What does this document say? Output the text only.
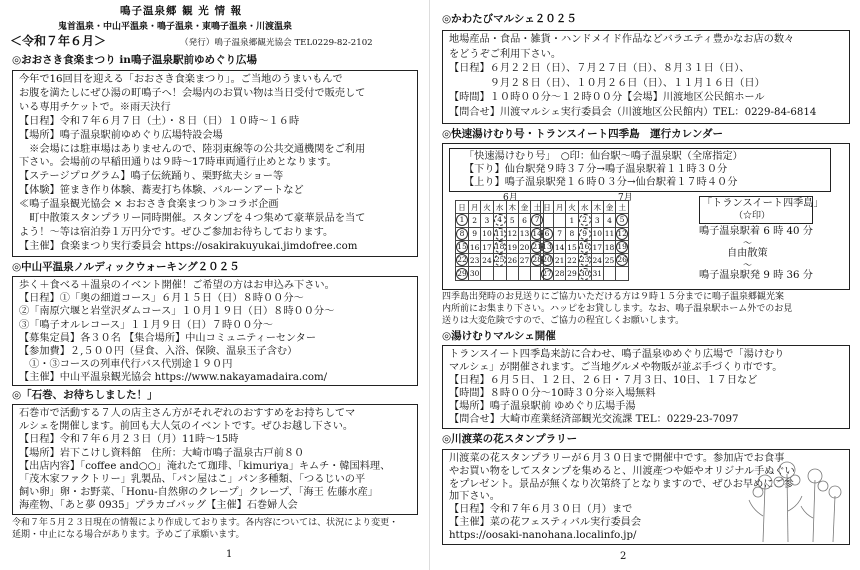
鳴子温泉郷 観 光 情 報
鬼首温泉・中山平温泉・鳴子温泉・東鳴子温泉・川渡温泉
＜令和７年６月＞	（発行）鳴子温泉郷観光協会 TEL0229-82-2102
◎おおさき食楽まつり in鳴子温泉駅前ゆめぐり広場
今年で16回目を迎える「おおさき食楽まつり」。ご当地のうまいもんで
お腹を満たしにぜひ湯の町鳴子へ！会場内のお買い物は当日受付で販売して
いる専用チケットで。※雨天決行
【日程】令和７年６月７日（土）・８日（日）１０時～１６時
【場所】鳴子温泉駅前ゆめぐり広場特設会場
　※会場には駐車場はありませんので、陸羽東線等の公共交通機関をご利用
下さい。会場前の早稲田通りは９時～17時車両通行止めとなります。
【ステージプログラム】鳴子伝統踊り、栗野紘夫ショー等
【体験】笹まき作り体験、蕎麦打ち体験、バルーンアートなど
≪鳴子温泉観光協会 × おおさき食楽まつり≫コラボ企画
　町中散策スタンプラリー同時開催。スタンプを４つ集めて豪華景品を当て
よう！～等は宿泊券１万円分です。ぜひご参加お待ちしております。
【主催】食楽まつり実行委員会 https://osakirakuyukai.jimdofree.com
◎中山平温泉ノルディックウォーキング２０２５
歩く＋食べる＋温泉のイベント開催！ご希望の方はお申込み下さい。
【日程】①「奥の細道コース」６月１５日（日）８時００分～
②「南原穴堰と岩堂沢ダムコース」１０月１９日（日）８時００分～
③「鳴子オルレコース」１１月９日（日）７時００分～
【募集定員】各３０名 【集合場所】中山コミュニティーセンター
【参加費】２,５００円（昼食、入浴、保険、温泉玉子含む）
　①・③コースの列車代行バス代別途１９０円
【主催】中山平温泉観光協会 https://www.nakayamadaira.com/
◎「石巻、お待ちしました！」
石巻市で活動する７人の店主さん方がそれぞれのおすすめをお持ちしてマ
ルシェを開催します。前回も大人気のイベントです。ぜひお越し下さい。
【日程】令和７年６月２３日（月）11時～15時
【場所】岩下こけし資料館　住所：大崎市鳴子温泉古戸前８０
【出店内容】「coffee and○○」淹れたて珈琲、「kimuriya」キムチ・韓国料理、
「茂木家ファクトリー」乳製品、「パン屋はこ」パン多種類、「つるじいの平
飼い卵」卵・お野菜、「Honu-自然卵のクレープ」クレープ、「海王 佐藤水産」
海産物、「あと夢 0935」プラカゴバッグ【主催】石巻婦人会
令和７年５月２３日現在の情報により作成しております。各内容については、状況により変更・
延期・中止になる場合があります。予めご了承願います。
1
◎かわたびマルシェ２０２５
地場産品・食品・雑貨・ハンドメイド作品などバラエティ豊かなお店の数々
をどうぞご利用下さい。
【日程】６月２２日（日）、７月２７日（日）、８月３１日（日）、
　　　　９月２８日（日）、１０月２６日（日）、１１月１６日（日）
【時間】１０時００分～１２時００分【会場】川渡地区公民館ホール
【問合せ】川渡マルシェ実行委員会（川渡地区公民館内）TEL：0229-84-6814
◎快速湯けむり号・トランスイート四季島　運行カレンダー
「快速湯けむり号」　○印：仙台駅～鳴子温泉駅（全席指定）
【下り】仙台駅発９時３７分→鳴子温泉駅着１１時３０分
【上り】鳴子温泉駅発１６時０３分→仙台駅着１７時４０分
6月
日	月	火	水	木	金	土
1	2	3	4	5	6	7
8	9	10	11	12	13	14
15	16	17	18	19	20	21
22	23	24	25	26	27	28
29	30					
7月
日	月	火	水	木	金	土
		1	2	3	4	5
6	7	8	9	10	11	12
13	14	15	16	17	18	19
20	21	22	23	24	25	26
27	28	29	30	31		
「トランスイート四季島」
（☆印）
鳴子温泉駅着 6 時 40 分
～
自由散策
～
鳴子温泉駅発 9 時 36 分
四季島出発時のお見送りにご協力いただける方は９時１５分までに鳴子温泉郷観光案
内所前にお集まり下さい。ハッピをお貸しします。なお、鳴子温泉駅ホーム外でのお見
送りは大変危険ですので、ご協力の程宜しくお願いします。
◎湯けむりマルシェ開催
トランスイート四季島来訪に合わせ、鳴子温泉ゆめぐり広場で「湯けむり
マルシェ」が開催されます。ご当地グルメや物販が並ぶ手づくり市です。
【日程】６月５日、１２日、２６日・７月３日、10日、１７日など
【時間】８時００分～10時３０分※入場無料
【場所】鳴子温泉駅前 ゆめぐり広場手湯
【問合せ】大崎市産業経済部観光交流課 TEL：0229-23-7097
◎川渡菜の花スタンプラリー
川渡菜の花スタンプラリーが６月３０日まで開催中です。参加店でお食事
やお買い物をしてスタンプを集めると、川渡產つや姫やオリジナル手ぬぐい
をプレゼント。景品が無くなり次第終了となりますので、ぜひお早めにご参
加下さい。
【日程】令和７年６月３０日（月）まで
【主催】菜の花フェスティバル実行委員会
https://oosaki-nanohana.localinfo.jp/
2
